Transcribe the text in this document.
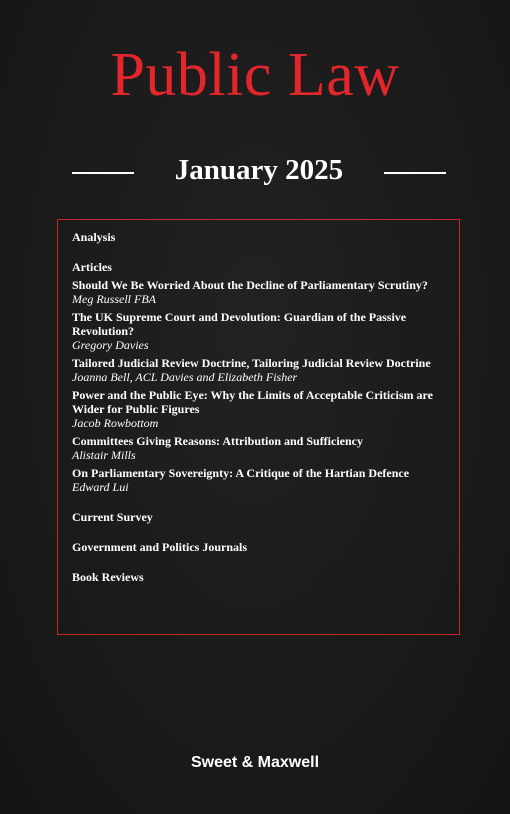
Public Law
January 2025
Analysis
Articles
Should We Be Worried About the Decline of Parliamentary Scrutiny?
Meg Russell FBA
The UK Supreme Court and Devolution: Guardian of the Passive Revolution?
Gregory Davies
Tailored Judicial Review Doctrine, Tailoring Judicial Review Doctrine
Joanna Bell, ACL Davies and Elizabeth Fisher
Power and the Public Eye: Why the Limits of Acceptable Criticism are Wider for Public Figures
Jacob Rowbottom
Committees Giving Reasons: Attribution and Sufficiency
Alistair Mills
On Parliamentary Sovereignty: A Critique of the Hartian Defence
Edward Lui
Current Survey
Government and Politics Journals
Book Reviews
Sweet & Maxwell
